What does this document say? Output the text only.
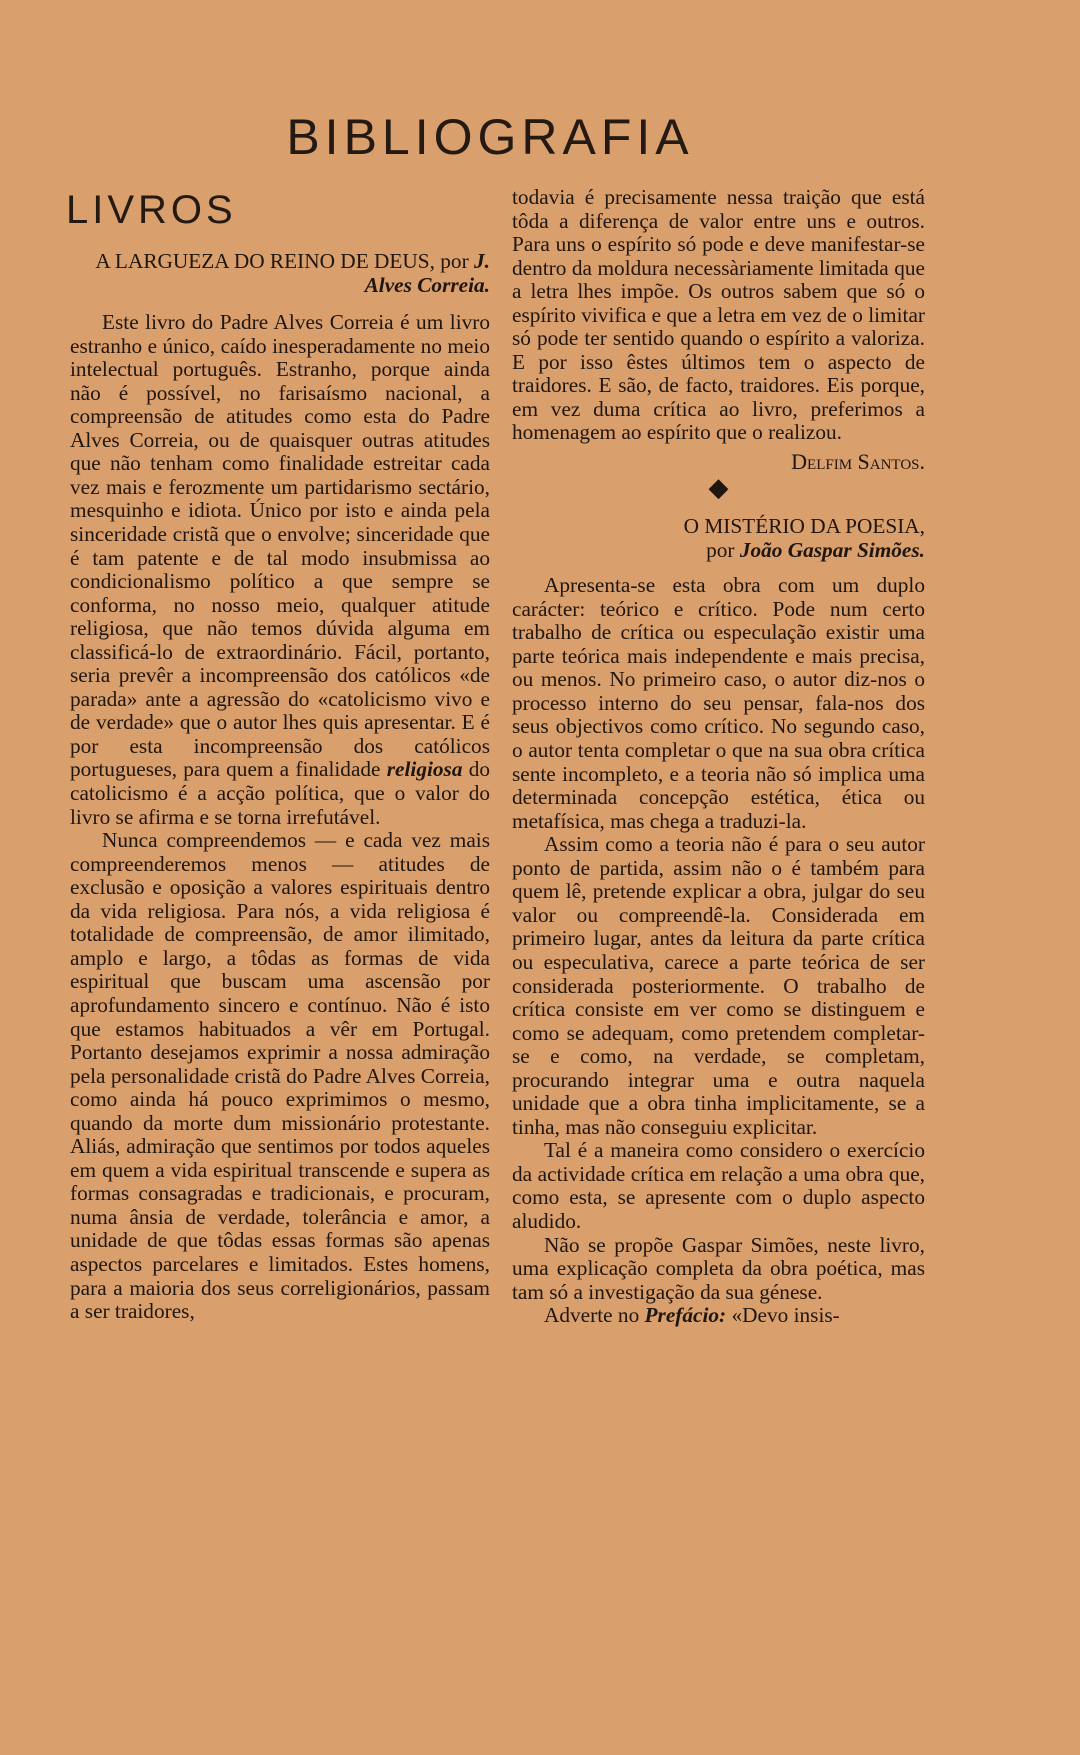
BIBLIOGRAFIA
LIVROS

A LARGUEZA DO REINO DE DEUS, por J. Alves Correia.

Este livro do Padre Alves Correia é um livro estranho e único, caído inesperadamente no meio intelectual português. Estranho, porque ainda não é possível, no farisaísmo nacional, a compreensão de atitudes como esta do Padre Alves Correia, ou de quaisquer outras atitudes que não tenham como finalidade estreitar cada vez mais e ferozmente um partidarismo sectário, mesquinho e idiota. Único por isto e ainda pela sinceridade cristã que o envolve; sinceridade que é tam patente e de tal modo insubmissa ao condicionalismo político a que sempre se conforma, no nosso meio, qualquer atitude religiosa, que não temos dúvida alguma em classificá-lo de extraordinário. Fácil, portanto, seria prevêr a incompreensão dos católicos «de parada» ante a agressão do «catolicismo vivo e de verdade» que o autor lhes quis apresentar. E é por esta incompreensão dos católicos portugueses, para quem a finalidade religiosa do catolicismo é a acção política, que o valor do livro se afirma e se torna irrefutável.

Nunca compreendemos — e cada vez mais compreenderemos menos — atitudes de exclusão e oposição a valores espirituais dentro da vida religiosa. Para nós, a vida religiosa é totalidade de compreensão, de amor ilimitado, amplo e largo, a tôdas as formas de vida espiritual que buscam uma ascensão por aprofundamento sincero e contínuo. Não é isto que estamos habituados a vêr em Portugal. Portanto desejamos exprimir a nossa admiração pela personalidade cristã do Padre Alves Correia, como ainda há pouco exprimimos o mesmo, quando da morte dum missionário protestante. Aliás, admiração que sentimos por todos aqueles em quem a vida espiritual transcende e supera as formas consagradas e tradicionais, e procuram, numa ânsia de verdade, tolerância e amor, a unidade de que tôdas essas formas são apenas aspectos parcelares e limitados. Estes homens, para a maioria dos seus correligionários, passam a ser traidores,

todavia é precisamente nessa traição que está tôda a diferença de valor entre uns e outros. Para uns o espírito só pode e deve manifestar-se dentro da moldura necessàriamente limitada que a letra lhes impõe. Os outros sabem que só o espírito vivifica e que a letra em vez de o limitar só pode ter sentido quando o espírito a valoriza. E por isso êstes últimos tem o aspecto de traidores. E são, de facto, traidores. Eis porque, em vez duma crítica ao livro, preferimos a homenagem ao espírito que o realizou.

Delfim Santos.

◆

O MISTÉRIO DA POESIA,
por João Gaspar Simões.

Apresenta-se esta obra com um duplo carácter: teórico e crítico. Pode num certo trabalho de crítica ou especulação existir uma parte teórica mais independente e mais precisa, ou menos. No primeiro caso, o autor diz-nos o processo interno do seu pensar, fala-nos dos seus objectivos como crítico. No segundo caso, o autor tenta completar o que na sua obra crítica sente incompleto, e a teoria não só implica uma determinada concepção estética, ética ou metafísica, mas chega a traduzi-la.

Assim como a teoria não é para o seu autor ponto de partida, assim não o é também para quem lê, pretende explicar a obra, julgar do seu valor ou compreendê-la. Considerada em primeiro lugar, antes da leitura da parte crítica ou especulativa, carece a parte teórica de ser considerada posteriormente. O trabalho de crítica consiste em ver como se distinguem e como se adequam, como pretendem completar-se e como, na verdade, se completam, procurando integrar uma e outra naquela unidade que a obra tinha implicitamente, se a tinha, mas não conseguiu explicitar.

Tal é a maneira como considero o exercício da actividade crítica em relação a uma obra que, como esta, se apresente com o duplo aspecto aludido.

Não se propõe Gaspar Simões, neste livro, uma explicação completa da obra poética, mas tam só a investigação da sua génese.

Adverte no Prefácio: «Devo insis-
